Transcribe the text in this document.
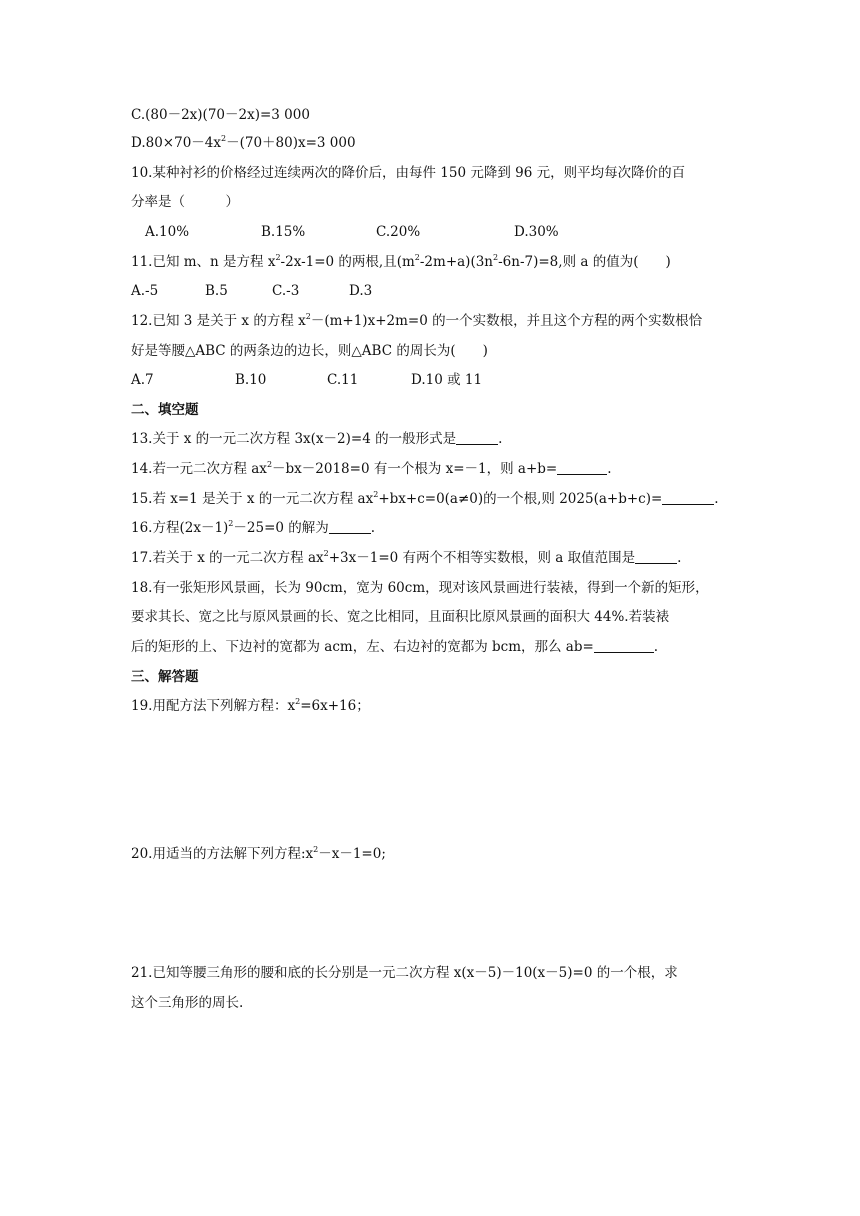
C.(80－2x)(70－2x)=3 000
$D.80\times 70-4x^2-(70+80)x=3$ 000
10.某种衬衫的价格经过连续两次的降价后，由每件 150 元降到 96 元，则平均每次降价的百
分率是（　　　）
A.10%	B.15%	C.20%	D.30%
11.已知 m、n 是方程 $x^2-2x-1=0$ 的两根,且$(m^2-2m+a)(3n^2-6n-7)=8$,则 a 的值为(　　)
A.-5	B.5	C.-3	D.3
12.已知 3 是关于 x 的方程 $x^2-(m+1)x+2m=0$ 的一个实数根，并且这个方程的两个实数根恰
好是等腰△ABC 的两条边的边长，则△ABC 的周长为(　　)
A.7	B.10	C.11	D.10 或 11
二、填空题
13.关于 x 的一元二次方程 3x(x－2)=4 的一般形式是	.
14.若一元二次方程 $ax^2-bx-2018=0$ 有一个根为 x=－1，则 a+b=	.
15.若 x=1 是关于 x 的一元二次方程 $ax^2+bx+c=0(a\ne 0)$的一个根,则 2025(a+b+c)=	.
16.方程$(2x-1)^2-25=0$ 的解为	.
17.若关于 x 的一元二次方程 $ax^2+3x-1=0$ 有两个不相等实数根，则 a 取值范围是	.
18.有一张矩形风景画，长为 90cm，宽为 60cm，现对该风景画进行装裱，得到一个新的矩形，
要求其长、宽之比与原风景画的长、宽之比相同，且面积比原风景画的面积大 44%.若装裱
后的矩形的上、下边衬的宽都为 acm，左、右边衬的宽都为 bcm，那么 ab=	.
三、解答题
19.用配方法下列解方程：$x^2=6x+16$；
20.用适当的方法解下列方程$:x^2-x-1=0$;
21.已知等腰三角形的腰和底的长分别是一元二次方程 x(x－5)－10(x－5)=0 的一个根，求
这个三角形的周长.
